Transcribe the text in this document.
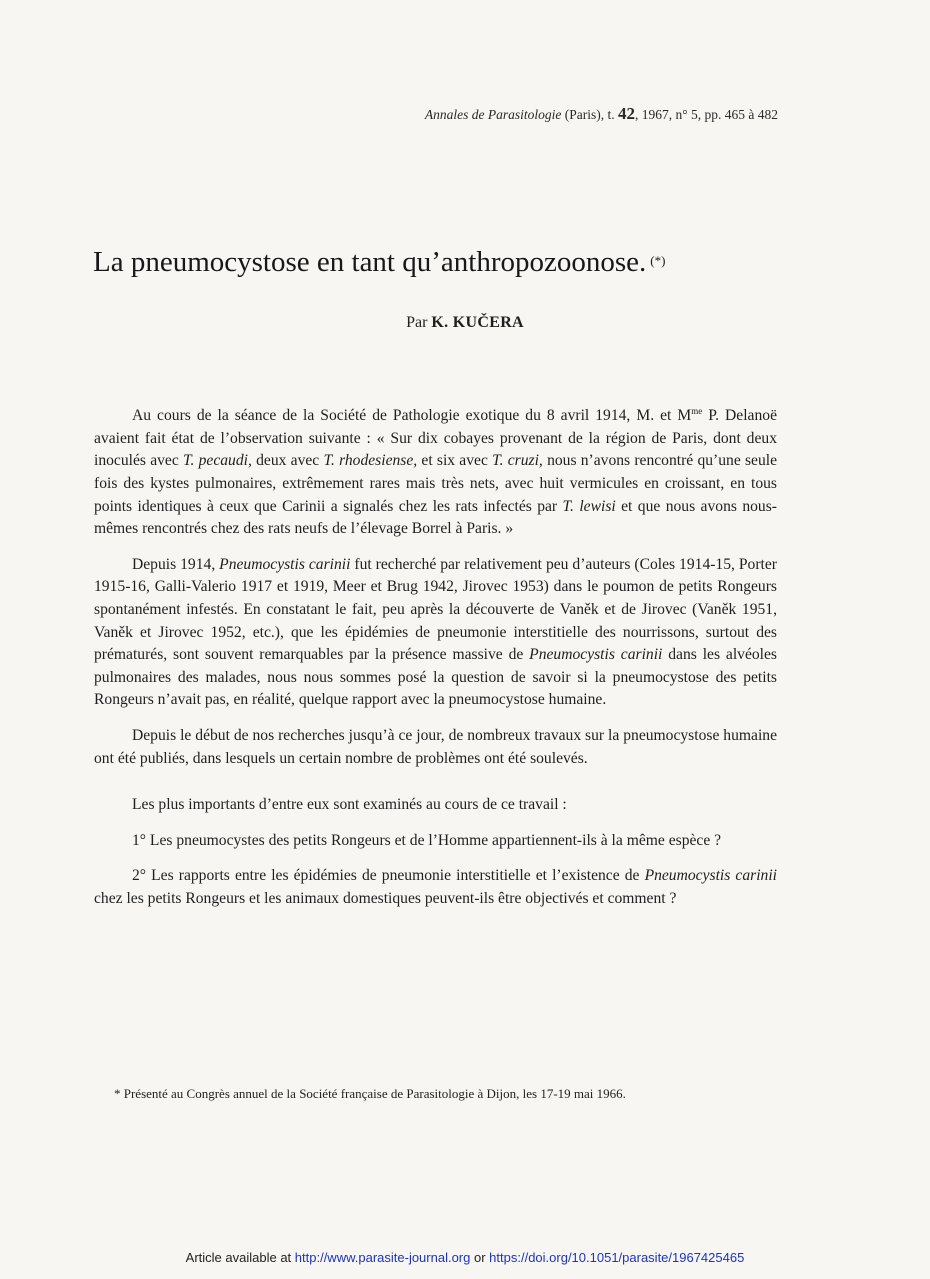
Annales de Parasitologie (Paris), t. 42, 1967, n° 5, pp. 465 à 482
La pneumocystose en tant qu’anthropozoonose. (*)
Par K. KUČERA

Au cours de la séance de la Société de Pathologie exotique du 8 avril 1914, M. et $M^{me}$ P. Delanoë avaient fait état de l’observation suivante : « Sur dix cobayes provenant de la région de Paris, dont deux inoculés avec T. pecaudi, deux avec T. rhodesiense, et six avec T. cruzi, nous n’avons rencontré qu’une seule fois des kystes pulmonaires, extrêmement rares mais très nets, avec huit vermicules en croissant, en tous points identiques à ceux que Carinii a signalés chez les rats infectés par T. lewisi et que nous avons nous-mêmes rencontrés chez des rats neufs de l’élevage Borrel à Paris. »

Depuis 1914, Pneumocystis carinii fut recherché par relativement peu d’auteurs (Coles 1914-15, Porter 1915-16, Galli-Valerio 1917 et 1919, Meer et Brug 1942, Jirovec 1953) dans le poumon de petits Rongeurs spontanément infestés. En constatant le fait, peu après la découverte de Vaněk et de Jirovec (Vaněk 1951, Vaněk et Jirovec 1952, etc.), que les épidémies de pneumonie interstitielle des nourrissons, surtout des prématurés, sont souvent remarquables par la présence massive de Pneumocystis carinii dans les alvéoles pulmonaires des malades, nous nous sommes posé la question de savoir si la pneumocystose des petits Rongeurs n’avait pas, en réalité, quelque rapport avec la pneumocystose humaine.

Depuis le début de nos recherches jusqu’à ce jour, de nombreux travaux sur la pneumocystose humaine ont été publiés, dans lesquels un certain nombre de problèmes ont été soulevés.

Les plus importants d’entre eux sont examinés au cours de ce travail :

1° Les pneumocystes des petits Rongeurs et de l’Homme appartiennent-ils à la même espèce ?

2° Les rapports entre les épidémies de pneumonie interstitielle et l’existence de Pneumocystis carinii chez les petits Rongeurs et les animaux domestiques peuvent-ils être objectivés et comment ?

* Présenté au Congrès annuel de la Société française de Parasitologie à Dijon, les 17-19 mai 1966.

Article available at http://www.parasite-journal.org or https://doi.org/10.1051/parasite/1967425465
